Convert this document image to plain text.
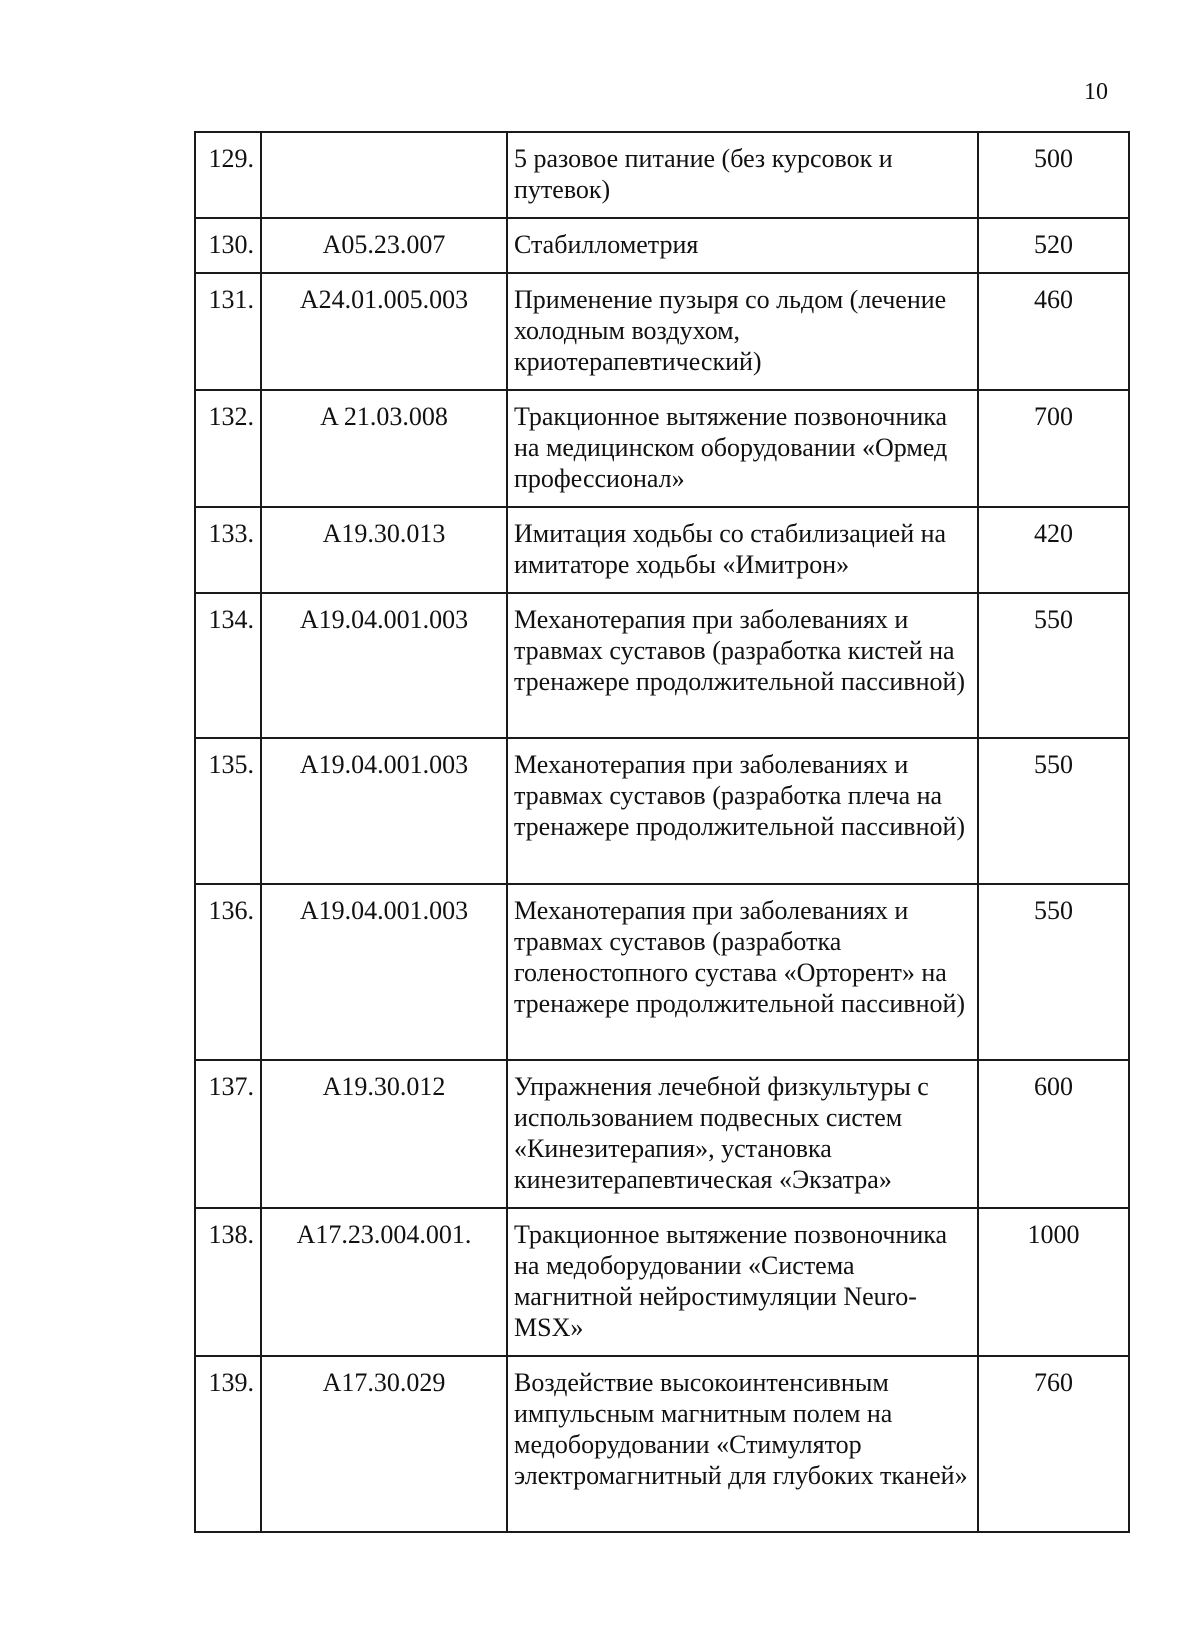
10
129.		5 разовое питание (без курсовок и путевок)	500
130.	A05.23.007	Стабиллометрия	520
131.	A24.01.005.003	Применение пузыря со льдом (лечение холодным воздухом, криотерапевтический)	460
132.	A 21.03.008	Тракционное вытяжение позвоночника на медицинском оборудовании «Ормед профессионал»	700
133.	A19.30.013	Имитация ходьбы со стабилизацией на имитаторе ходьбы «Имитрон»	420
134.	A19.04.001.003	Механотерапия при заболеваниях и травмах суставов (разработка кистей на тренажере продолжительной пассивной)	550
135.	A19.04.001.003	Механотерапия при заболеваниях и травмах суставов (разработка плеча на тренажере продолжительной пассивной)	550
136.	A19.04.001.003	Механотерапия при заболеваниях и травмах суставов (разработка голеностопного сустава «Орторент» на тренажере продолжительной пассивной)	550
137.	A19.30.012	Упражнения лечебной физкультуры с использованием подвесных систем «Кинезитерапия», установка кинезитерапевтическая «Экзатра»	600
138.	A17.23.004.001.	Тракционное вытяжение позвоночника на медоборудовании «Система магнитной нейростимуляции Neuro-MSX»	1000
139.	A17.30.029	Воздействие высокоинтенсивным импульсным магнитным полем на медоборудовании «Стимулятор электромагнитный для глубоких тканей»	760
